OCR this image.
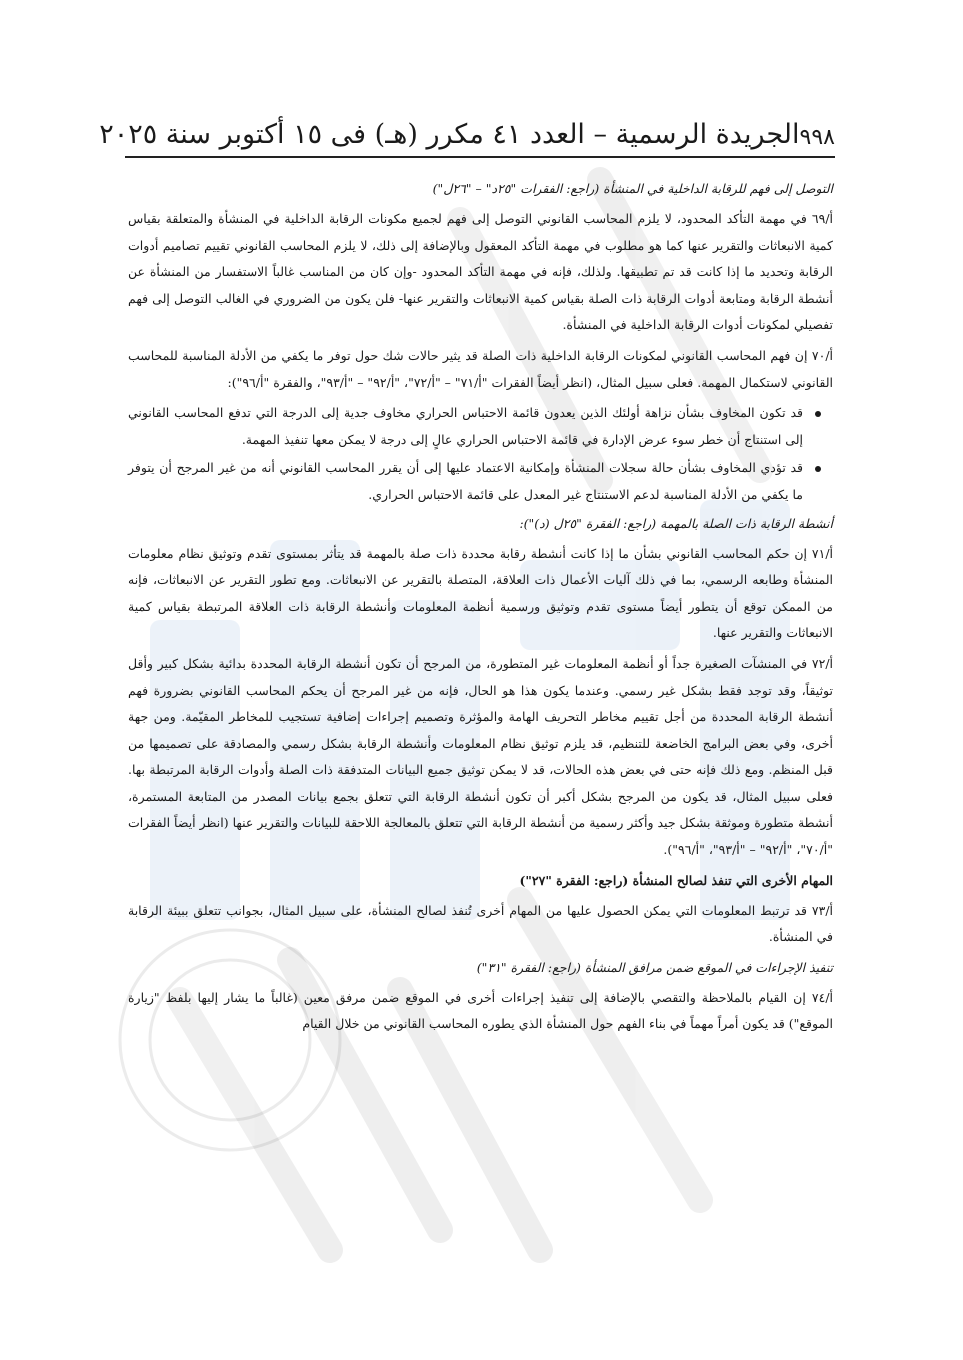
٩٩٨
الجريدة الرسمية – العدد ٤١ مكرر (هـ) فى ١٥ أكتوبر سنة ٢٠٢٥
التوصل إلى فهم للرقابة الداخلية في المنشأة (راجع: الفقرات "٢٥د" – "٢٦ل")
أ/٦٩ في مهمة التأكد المحدود، لا يلزم المحاسب القانوني التوصل إلى فهم لجميع مكونات الرقابة الداخلية في المنشأة والمتعلقة بقياس كمية الانبعاثات والتقرير عنها كما هو مطلوب في مهمة التأكد المعقول وبالإضافة إلى ذلك، لا يلزم المحاسب القانوني تقييم تصاميم أدوات الرقابة وتحديد ما إذا كانت قد تم تطبيقها. ولذلك، فإنه في مهمة التأكد المحدود -وإن كان من المناسب غالباً الاستفسار من المنشأة عن أنشطة الرقابة ومتابعة أدوات الرقابة ذات الصلة بقياس كمية الانبعاثات والتقرير عنها- فلن يكون من الضروري في الغالب التوصل إلى فهم تفصيلي لمكونات أدوات الرقابة الداخلية في المنشأة.
أ/٧٠ إن فهم المحاسب القانوني لمكونات الرقابة الداخلية ذات الصلة قد يثير حالات شك حول توفر ما يكفي من الأدلة المناسبة للمحاسب القانوني لاستكمال المهمة. فعلى سبيل المثال، (انظر أيضاً الفقرات "أ/٧١" – "أ/٧٢"، "أ/٩٢" – "أ/٩٣"، والفقرة "أ/٩٦"):
قد تكون المخاوف بشأن نزاهة أولئك الذين يعدون قائمة الاحتباس الحراري مخاوف جدية إلى الدرجة التي تدفع المحاسب القانوني إلى استنتاج أن خطر سوء عرض الإدارة في قائمة الاحتباس الحراري عالٍ إلى درجة لا يمكن معها تنفيذ المهمة.
قد تؤدي المخاوف بشأن حالة سجلات المنشأة وإمكانية الاعتماد عليها إلى أن يقرر المحاسب القانوني أنه من غير المرجح أن يتوفر ما يكفي من الأدلة المناسبة لدعم الاستنتاج غير المعدل على قائمة الاحتباس الحراري.
أنشطة الرقابة ذات الصلة بالمهمة (راجع: الفقرة "٢٥ل (د)"):
أ/٧١ إن حكم المحاسب القانوني بشأن ما إذا كانت أنشطة رقابة محددة ذات صلة بالمهمة قد يتأثر بمستوى تقدم وتوثيق نظام معلومات المنشأة وطابعه الرسمي، بما في ذلك آليات الأعمال ذات العلاقة، المتصلة بالتقرير عن الانبعاثات. ومع تطور التقرير عن الانبعاثات، فإنه من الممكن توقع أن يتطور أيضاً مستوى تقدم وتوثيق ورسمية أنظمة المعلومات وأنشطة الرقابة ذات العلاقة المرتبطة بقياس كمية الانبعاثات والتقرير عنها.
أ/٧٢ في المنشآت الصغيرة جداً أو أنظمة المعلومات غير المتطورة، من المرجح أن تكون أنشطة الرقابة المحددة بدائية بشكل كبير وأقل توثيقاً، وقد توجد فقط بشكل غير رسمي. وعندما يكون هذا هو الحال، فإنه من غير المرجح أن يحكم المحاسب القانوني بضرورة فهم أنشطة الرقابة المحددة من أجل تقييم مخاطر التحريف الهامة والمؤثرة وتصميم إجراءات إضافية تستجيب للمخاطر المقيّمة. ومن جهة أخرى، وفي بعض البرامج الخاضعة للتنظيم، قد يلزم توثيق نظام المعلومات وأنشطة الرقابة بشكل رسمي والمصادقة على تصميمها من قبل المنظم. ومع ذلك فإنه حتى في بعض هذه الحالات، قد لا يمكن توثيق جميع البيانات المتدفقة ذات الصلة وأدوات الرقابة المرتبطة بها. فعلى سبيل المثال، قد يكون من المرجح بشكل أكبر أن تكون أنشطة الرقابة التي تتعلق بجمع بيانات المصدر من المتابعة المستمرة، أنشطة متطورة وموثقة بشكل جيد وأكثر رسمية من أنشطة الرقابة التي تتعلق بالمعالجة اللاحقة للبيانات والتقرير عنها (انظر أيضاً الفقرات "أ/٧٠"، "أ/٩٢" – "أ/٩٣"، "أ/٩٦").
المهام الأخرى التي تنفذ لصالح المنشأة (راجع: الفقرة "٢٧")
أ/٧٣ قد ترتبط المعلومات التي يمكن الحصول عليها من المهام أخرى تُنفذ لصالح المنشأة، على سبيل المثال، بجوانب تتعلق ببيئة الرقابة في المنشأة.
تنفيذ الإجراءات في الموقع ضمن مرافق المنشأة (راجع: الفقرة "٣١")
أ/٧٤ إن القيام بالملاحظة والتقصي بالإضافة إلى تنفيذ إجراءات أخرى في الموقع ضمن مرفق معين (غالباً ما يشار إليها بلفظ "زيارة الموقع") قد يكون أمراً مهماً في بناء الفهم حول المنشأة الذي يطوره المحاسب القانوني من خلال القيام
